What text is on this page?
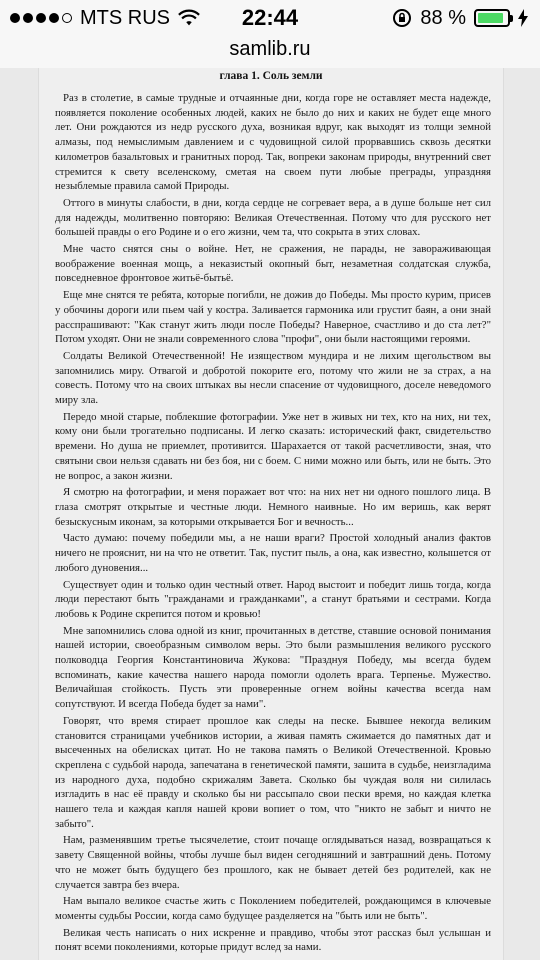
MTS RUS	22:44	88 %
samlib.ru
глава 1. Соль земли

Раз в столетие, в самые трудные и отчаянные дни, когда горе не оставляет места надежде, появляется поколение особенных людей, каких не было до них и каких не будет еще много лет. Они рождаются из недр русского духа, возникая вдруг, как выходят из толщи земной алмазы, под немыслимым давлением и с чудовищной силой прорвавшись сквозь десятки километров базальтовых и гранитных пород. Так, вопреки законам природы, внутренний свет стремится к свету вселенскому, сметая на своем пути любые преграды, упраздняя незыблемые правила самой Природы.

Оттого в минуты слабости, в дни, когда сердце не согревает вера, а в душе больше нет сил для надежды, молитвенно повторяю: Великая Отечественная. Потому что для русского нет большей правды о его Родине и о его жизни, чем та, что сокрыта в этих словах.

Мне часто снятся сны о войне. Нет, не сражения, не парады, не завораживающая воображение военная мощь, а неказистый окопный быт, незаметная солдатская служба, повседневное фронтовое житьё-бытьё.

Еще мне снятся те ребята, которые погибли, не дожив до Победы. Мы просто курим, присев у обочины дороги или пьем чай у костра. Заливается гармоника или грустит баян, а они знай расспрашивают: "Как станут жить люди после Победы? Наверное, счастливо и до ста лет?" Потом уходят. Они не знали современного слова "профи", они были настоящими героями.

Солдаты Великой Отечественной! Не изяществом мундира и не лихим щегольством вы запомнились миру. Отвагой и добротой покорите его, потому что жили не за страх, а на совесть. Потому что на своих штыках вы несли спасение от чудовищного, доселе неведомого миру зла.

Передо мной старые, поблекшие фотографии. Уже нет в живых ни тех, кто на них, ни тех, кому они были трогательно подписаны. И легко сказать: исторический факт, свидетельство времени. Но душа не приемлет, противится. Шарахается от такой расчетливости, зная, что святыни свои нельзя сдавать ни без боя, ни с боем. С ними можно или быть, или не быть. Это не вопрос, а закон жизни.

Я смотрю на фотографии, и меня поражает вот что: на них нет ни одного пошлого лица. В глаза смотрят открытые и честные люди. Немного наивные. Но им веришь, как верят безыскусным иконам, за которыми открывается Бог и вечность...

Часто думаю: почему победили мы, а не наши враги? Простой холодный анализ фактов ничего не прояснит, ни на что не ответит. Так, пустит пыль, а она, как известно, колышется от любого дуновения...

Существует один и только один честный ответ. Народ выстоит и победит лишь тогда, когда люди перестают быть "гражданами и гражданками", а станут братьями и сестрами. Когда любовь к Родине скрепится потом и кровью!

Мне запомнились слова одной из книг, прочитанных в детстве, ставшие основой понимания нашей истории, своеобразным символом веры. Это были размышления великого русского полководца Георгия Константиновича Жукова: "Празднуя Победу, мы всегда будем вспоминать, какие качества нашего народа помогли одолеть врага. Терпенье. Мужество. Величайшая стойкость. Пусть эти проверенные огнем войны качества всегда нам сопутствуют. И всегда Победа будет за нами".

Говорят, что время стирает прошлое как следы на песке. Бывшее некогда великим становится страницами учебников истории, а живая память сжимается до памятных дат и высеченных на обелисках цитат. Но не такова память о Великой Отечественной. Кровью скреплена с судьбой народа, запечатана в генетической памяти, зашита в судьбе, неизгладима из народного духа, подобно скрижалям Завета. Сколько бы чуждая воля ни силилась изгладить в нас её правду и сколько бы ни рассыпало свои пески время, но каждая клетка нашего тела и каждая капля нашей крови вопиет о том, что "никто не забыт и ничто не забыто".

Нам, разменявшим третье тысячелетие, стоит почаще оглядываться назад, возвращаться к завету Священной войны, чтобы лучше был виден сегодняшний и завтрашний день. Потому что не может быть будущего без прошлого, как не бывает детей без родителей, как не случается завтра без вчера.

Нам выпало великое счастье жить с Поколением победителей, рождающимся в ключевые моменты судьбы России, когда само будущее разделяется на "быть или не быть".

Великая честь написать о них искренне и правдиво, чтобы этот рассказ был услышан и понят всеми поколениями, которые придут вслед за нами.
